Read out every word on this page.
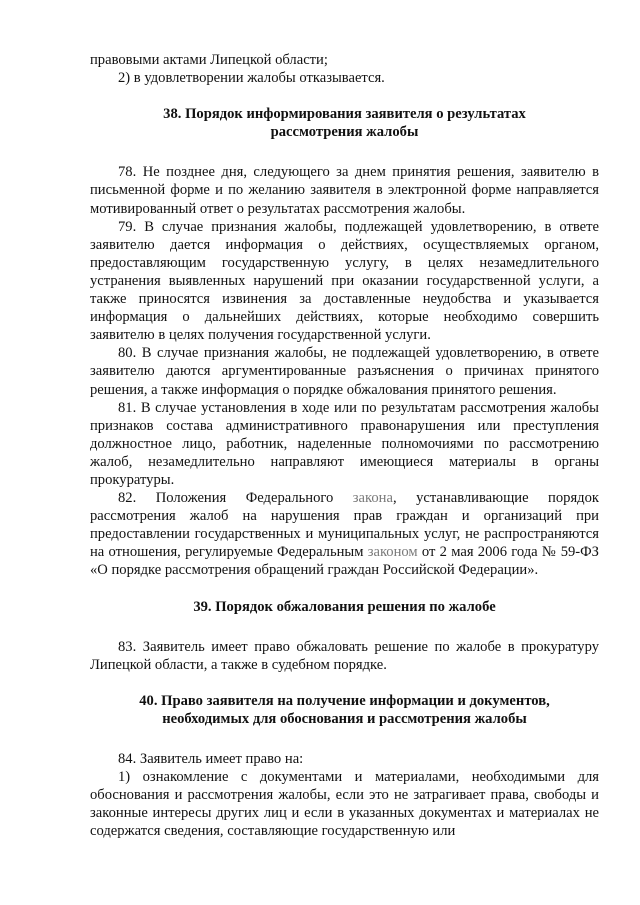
правовыми актами Липецкой области;

2) в удовлетворении жалобы отказывается.

38. Порядок информирования заявителя о результатах рассмотрения жалобы

78. Не позднее дня, следующего за днем принятия решения, заявителю в письменной форме и по желанию заявителя в электронной форме направляется мотивированный ответ о результатах рассмотрения жалобы.

79. В случае признания жалобы, подлежащей удовлетворению, в ответе заявителю дается информация о действиях, осуществляемых органом, предоставляющим государственную услугу, в целях незамедлительного устранения выявленных нарушений при оказании государственной услуги, а также приносятся извинения за доставленные неудобства и указывается информация о дальнейших действиях, которые необходимо совершить заявителю в целях получения государственной услуги.

80. В случае признания жалобы, не подлежащей удовлетворению, в ответе заявителю даются аргументированные разъяснения о причинах принятого решения, а также информация о порядке обжалования принятого решения.

81. В случае установления в ходе или по результатам рассмотрения жалобы признаков состава административного правонарушения или преступления должностное лицо, работник, наделенные полномочиями по рассмотрению жалоб, незамедлительно направляют имеющиеся материалы в органы прокуратуры.

82. Положения Федерального закона, устанавливающие порядок рассмотрения жалоб на нарушения прав граждан и организаций при предоставлении государственных и муниципальных услуг, не распространяются на отношения, регулируемые Федеральным законом от 2 мая 2006 года № 59-ФЗ «О порядке рассмотрения обращений граждан Российской Федерации».

39. Порядок обжалования решения по жалобе

83. Заявитель имеет право обжаловать решение по жалобе в прокуратуру Липецкой области, а также в судебном порядке.

40. Право заявителя на получение информации и документов, необходимых для обоснования и рассмотрения жалобы

84. Заявитель имеет право на:

1) ознакомление с документами и материалами, необходимыми для обоснования и рассмотрения жалобы, если это не затрагивает права, свободы и законные интересы других лиц и если в указанных документах и материалах не содержатся сведения, составляющие государственную или
